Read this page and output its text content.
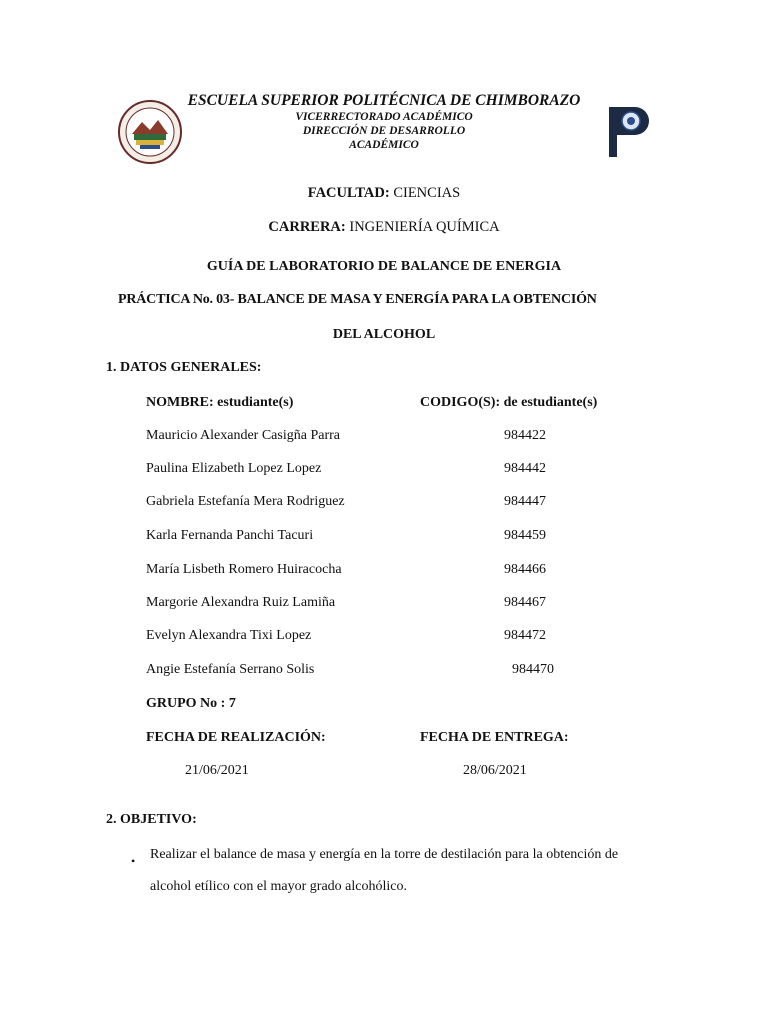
ESCUELA SUPERIOR POLITÉCNICA DE CHIMBORAZO
VICERRECTORADO ACADÉMICO
DIRECCIÓN DE DESARROLLO
ACADÉMICO
FACULTAD: CIENCIAS
CARRERA: INGENIERÍA QUÍMICA
GUÍA DE LABORATORIO DE BALANCE DE ENERGIA
PRÁCTICA No. 03- BALANCE DE MASA Y ENERGÍA PARA LA OBTENCIÓN
DEL ALCOHOL
1. DATOS GENERALES:
NOMBRE: estudiante(s)	CODIGO(S): de estudiante(s)
Mauricio Alexander Casigña Parra	984422
Paulina Elizabeth Lopez Lopez	984442
Gabriela Estefanía Mera Rodriguez	984447
Karla Fernanda Panchi Tacuri	984459
María Lisbeth Romero Huiracocha	984466
Margorie Alexandra Ruiz Lamiña	984467
Evelyn Alexandra Tixi Lopez	984472
Angie Estefanía Serrano Solis	984470
GRUPO No : 7
FECHA DE REALIZACIÓN:	FECHA DE ENTREGA:
21/06/2021	28/06/2021
2. OBJETIVO:
• Realizar el balance de masa y energía en la torre de destilación para la obtención de
alcohol etílico con el mayor grado alcohólico.
